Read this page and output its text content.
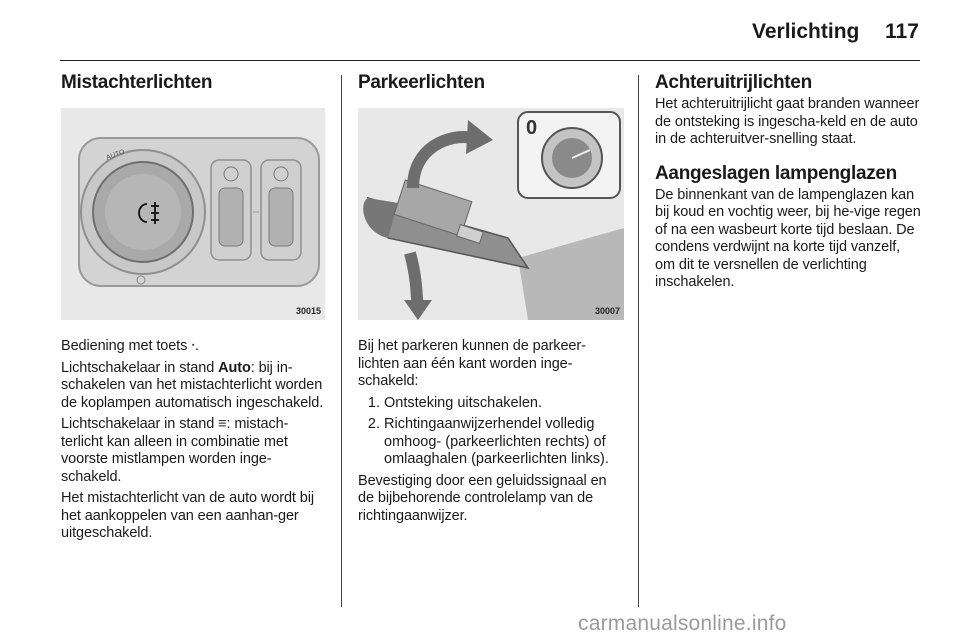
Verlichting 117
Mistachterlichten
AUTO
30015

Bediening met toets ⸱.

Lichtschakelaar in stand Auto: bij in-schakelen van het mistachterlicht worden de koplampen automatisch ingeschakeld.

Lichtschakelaar in stand ≡: mistach-terlicht kan alleen in combinatie met voorste mistlampen worden inge-schakeld.

Het mistachterlicht van de auto wordt bij het aankoppelen van een aanhan-ger uitgeschakeld.

Parkeerlichten
0
30007

Bij het parkeren kunnen de parkeer-lichten aan één kant worden inge-schakeld:

1. Ontsteking uitschakelen.
2. Richtingaanwijzerhendel volledig omhoog- (parkeerlichten rechts) of omlaaghalen (parkeerlichten links).

Bevestiging door een geluidssignaal en de bijbehorende controlelamp van de richtingaanwijzer.

Achteruitrijlichten

Het achteruitrijlicht gaat branden wanneer de ontsteking is ingescha-keld en de auto in de achteruitver-snelling staat.

Aangeslagen lampenglazen

De binnenkant van de lampenglazen kan bij koud en vochtig weer, bij he-vige regen of na een wasbeurt korte tijd beslaan. De condens verdwijnt na korte tijd vanzelf, om dit te versnellen de verlichting inschakelen.

carmanualsonline.info
